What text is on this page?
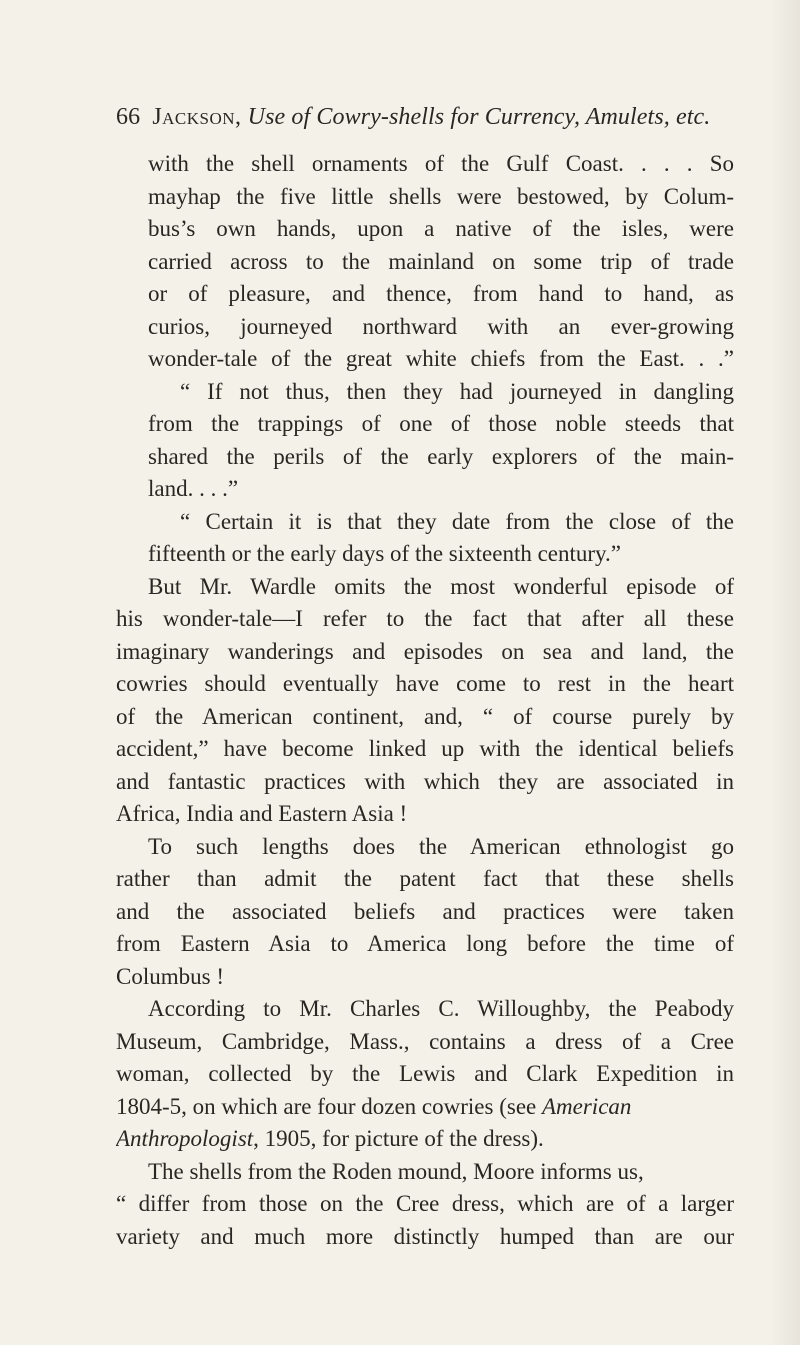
66 Jackson, Use of Cowry-shells for Currency, Amulets, etc.
with the shell ornaments of the Gulf Coast. . . . So
mayhap the five little shells were bestowed, by Colum-
bus’s own hands, upon a native of the isles, were
carried across to the mainland on some trip of trade
or of pleasure, and thence, from hand to hand, as
curios, journeyed northward with an ever-growing
wonder-tale of the great white chiefs from the East. . .”
“ If not thus, then they had journeyed in dangling
from the trappings of one of those noble steeds that
shared the perils of the early explorers of the main-
land. . . .”
“ Certain it is that they date from the close of the
fifteenth or the early days of the sixteenth century.”
But Mr. Wardle omits the most wonderful episode of
his wonder-tale—I refer to the fact that after all these
imaginary wanderings and episodes on sea and land, the
cowries should eventually have come to rest in the heart
of the American continent, and, “ of course purely by
accident,” have become linked up with the identical beliefs
and fantastic practices with which they are associated in
Africa, India and Eastern Asia !
To such lengths does the American ethnologist go
rather than admit the patent fact that these shells
and the associated beliefs and practices were taken
from Eastern Asia to America long before the time of
Columbus !
According to Mr. Charles C. Willoughby, the Peabody
Museum, Cambridge, Mass., contains a dress of a Cree
woman, collected by the Lewis and Clark Expedition in
1804-5, on which are four dozen cowries (see American
Anthropologist, 1905, for picture of the dress).
The shells from the Roden mound, Moore informs us,
“ differ from those on the Cree dress, which are of a larger
variety and much more distinctly humped than are our
